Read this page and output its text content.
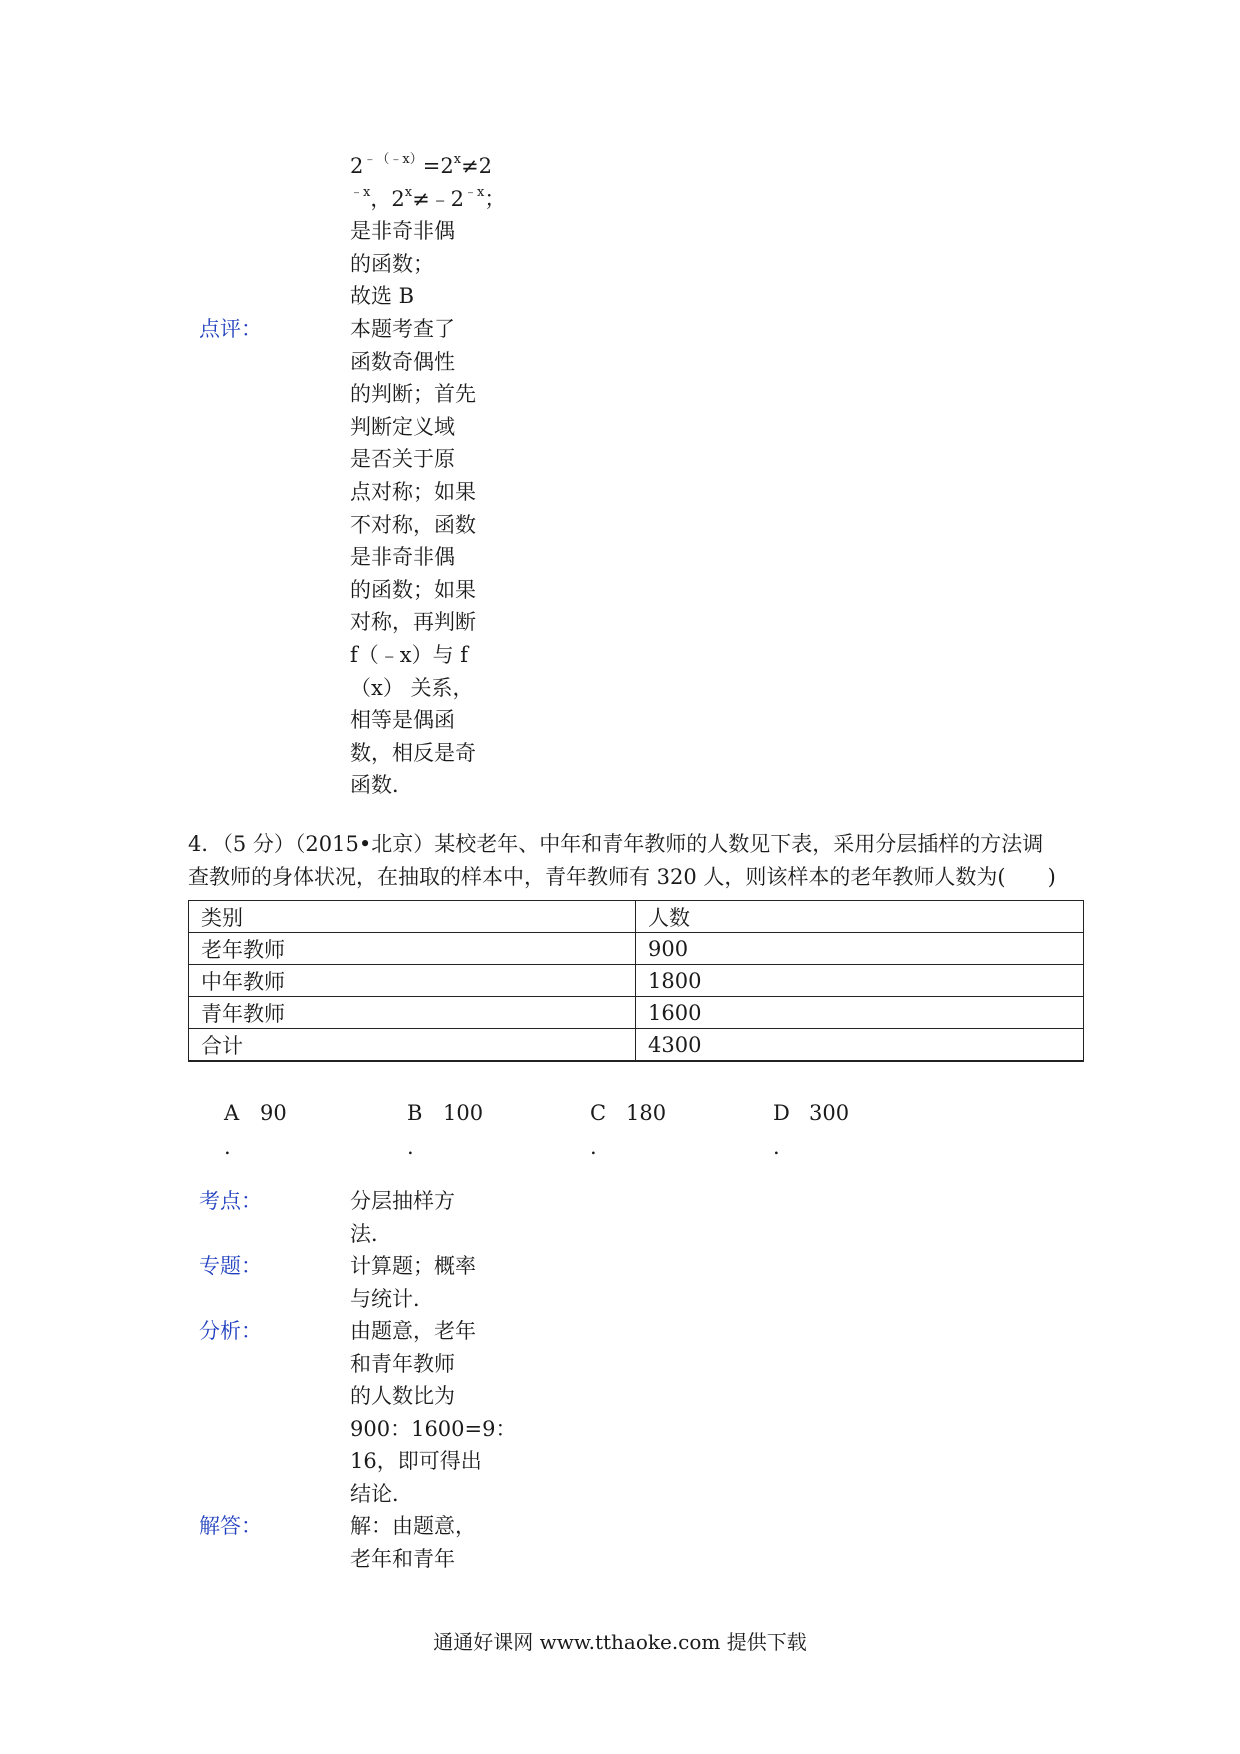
$2^{﹣(﹣x)}=2^x\ne 2$
$^{﹣x}$，$2^x\ne﹣2^{﹣x}$；
是非奇非偶
的函数；
故选 B
点评：	本题考查了
函数奇偶性
的判断；首先
判断定义域
是否关于原
点对称；如果
不对称，函数
是非奇非偶
的函数；如果
对称，再判断
f（﹣x）与 f
（x） 关系，
相等是偶函
数，相反是奇
函数．
4．（5 分）（2015•北京）某校老年、中年和青年教师的人数见下表，采用分层插样的方法调
查教师的身体状况，在抽取的样本中，青年教师有 320 人，则该样本的老年教师人数为(　　)
类别	人数
老年教师	900
中年教师	1800
青年教师	1600
合计	4300
A 90
.
B 100
.
C 180
.
D 300
.
考点：	分层抽样方
法．
专题：	计算题；概率
与统计．
分析：	由题意，老年
和青年教师
的人数比为
900：1600=9：
16，即可得出
结论．
解答：	解：由题意，
老年和青年
通通好课网 www.tthaoke.com 提供下载
